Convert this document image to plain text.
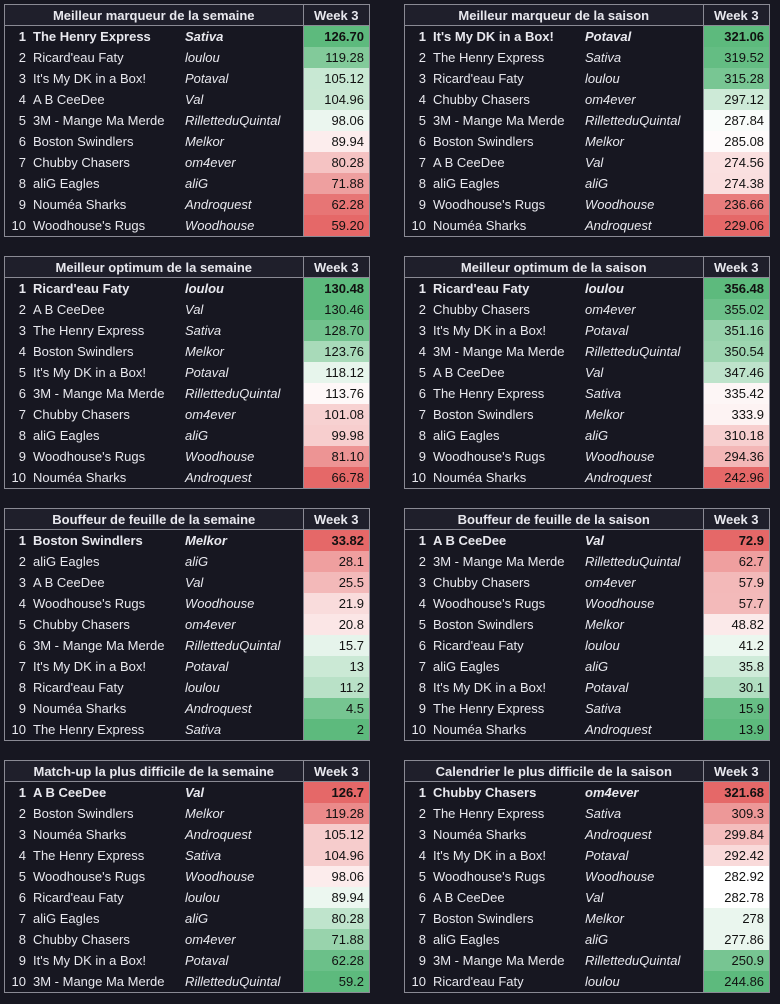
Meilleur marqueur de la semaine			Week 3
1	The Henry Express	Sativa	126.70
2	Ricard'eau Faty	loulou	119.28
3	It's My DK in a Box!	Potaval	105.12
4	A B CeeDee	Val	104.96
5	3M - Mange Ma Merde	RilletteduQuintal	98.06
6	Boston Swindlers	Melkor	89.94
7	Chubby Chasers	om4ever	80.28
8	aliG Eagles	aliG	71.88
9	Nouméa Sharks	Androquest	62.28
10	Woodhouse's Rugs	Woodhouse	59.20
Meilleur marqueur de la saison			Week 3
1	It's My DK in a Box!	Potaval	321.06
2	The Henry Express	Sativa	319.52
3	Ricard'eau Faty	loulou	315.28
4	Chubby Chasers	om4ever	297.12
5	3M - Mange Ma Merde	RilletteduQuintal	287.84
6	Boston Swindlers	Melkor	285.08
7	A B CeeDee	Val	274.56
8	aliG Eagles	aliG	274.38
9	Woodhouse's Rugs	Woodhouse	236.66
10	Nouméa Sharks	Androquest	229.06
Meilleur optimum de la semaine			Week 3
1	Ricard'eau Faty	loulou	130.48
2	A B CeeDee	Val	130.46
3	The Henry Express	Sativa	128.70
4	Boston Swindlers	Melkor	123.76
5	It's My DK in a Box!	Potaval	118.12
6	3M - Mange Ma Merde	RilletteduQuintal	113.76
7	Chubby Chasers	om4ever	101.08
8	aliG Eagles	aliG	99.98
9	Woodhouse's Rugs	Woodhouse	81.10
10	Nouméa Sharks	Androquest	66.78
Meilleur optimum de la saison			Week 3
1	Ricard'eau Faty	loulou	356.48
2	Chubby Chasers	om4ever	355.02
3	It's My DK in a Box!	Potaval	351.16
4	3M - Mange Ma Merde	RilletteduQuintal	350.54
5	A B CeeDee	Val	347.46
6	The Henry Express	Sativa	335.42
7	Boston Swindlers	Melkor	333.9
8	aliG Eagles	aliG	310.18
9	Woodhouse's Rugs	Woodhouse	294.36
10	Nouméa Sharks	Androquest	242.96
Bouffeur de feuille de la semaine			Week 3
1	Boston Swindlers	Melkor	33.82
2	aliG Eagles	aliG	28.1
3	A B CeeDee	Val	25.5
4	Woodhouse's Rugs	Woodhouse	21.9
5	Chubby Chasers	om4ever	20.8
6	3M - Mange Ma Merde	RilletteduQuintal	15.7
7	It's My DK in a Box!	Potaval	13
8	Ricard'eau Faty	loulou	11.2
9	Nouméa Sharks	Androquest	4.5
10	The Henry Express	Sativa	2
Bouffeur de feuille de la saison			Week 3
1	A B CeeDee	Val	72.9
2	3M - Mange Ma Merde	RilletteduQuintal	62.7
3	Chubby Chasers	om4ever	57.9
4	Woodhouse's Rugs	Woodhouse	57.7
5	Boston Swindlers	Melkor	48.82
6	Ricard'eau Faty	loulou	41.2
7	aliG Eagles	aliG	35.8
8	It's My DK in a Box!	Potaval	30.1
9	The Henry Express	Sativa	15.9
10	Nouméa Sharks	Androquest	13.9
Match-up la plus difficile de la semaine			Week 3
1	A B CeeDee	Val	126.7
2	Boston Swindlers	Melkor	119.28
3	Nouméa Sharks	Androquest	105.12
4	The Henry Express	Sativa	104.96
5	Woodhouse's Rugs	Woodhouse	98.06
6	Ricard'eau Faty	loulou	89.94
7	aliG Eagles	aliG	80.28
8	Chubby Chasers	om4ever	71.88
9	It's My DK in a Box!	Potaval	62.28
10	3M - Mange Ma Merde	RilletteduQuintal	59.2
Calendrier le plus difficile de la saison			Week 3
1	Chubby Chasers	om4ever	321.68
2	The Henry Express	Sativa	309.3
3	Nouméa Sharks	Androquest	299.84
4	It's My DK in a Box!	Potaval	292.42
5	Woodhouse's Rugs	Woodhouse	282.92
6	A B CeeDee	Val	282.78
7	Boston Swindlers	Melkor	278
8	aliG Eagles	aliG	277.86
9	3M - Mange Ma Merde	RilletteduQuintal	250.9
10	Ricard'eau Faty	loulou	244.86
